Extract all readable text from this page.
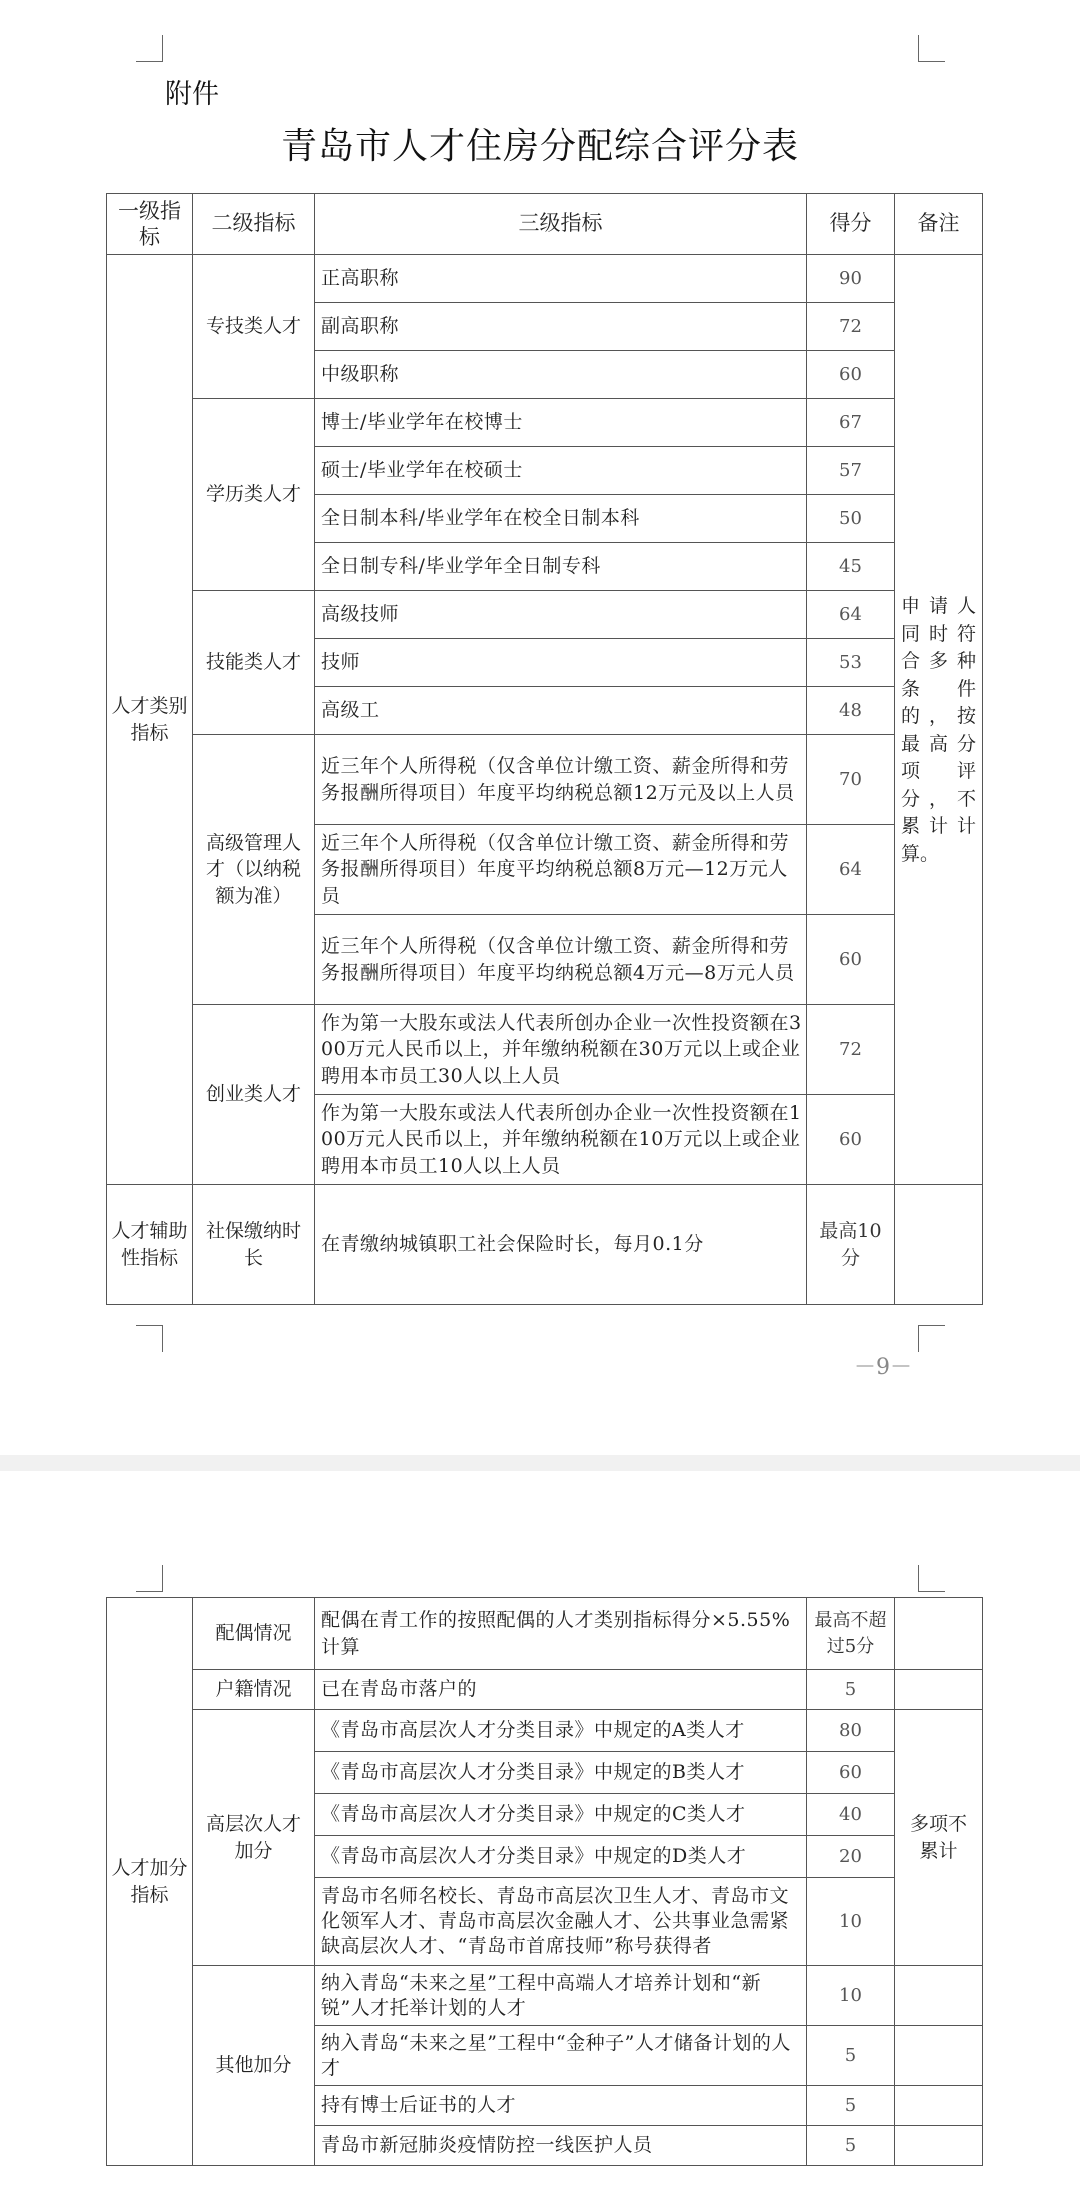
附件
青岛市人才住房分配综合评分表
一级指标	二级指标	三级指标	得分	备注
人才类别指标	专技类人才	正高职称	90	申请人同时符合多种条件的，按最高分项评分，不累计计算。
		副高职称	72	
		中级职称	60	
	学历类人才	博士/毕业学年在校博士	67	
		硕士/毕业学年在校硕士	57	
		全日制本科/毕业学年在校全日制本科	50	
		全日制专科/毕业学年全日制专科	45	
	技能类人才	高级技师	64	
		技师	53	
		高级工	48	
	高级管理人才（以纳税额为准）	近三年个人所得税（仅含单位计缴工资、薪金所得和劳务报酬所得项目）年度平均纳税总额12万元及以上人员	70	
		近三年个人所得税（仅含单位计缴工资、薪金所得和劳务报酬所得项目）年度平均纳税总额8万元—12万元人员	64	
		近三年个人所得税（仅含单位计缴工资、薪金所得和劳务报酬所得项目）年度平均纳税总额4万元—8万元人员	60	
	创业类人才	作为第一大股东或法人代表所创办企业一次性投资额在300万元人民币以上，并年缴纳税额在30万元以上或企业聘用本市员工30人以上人员	72	
		作为第一大股东或法人代表所创办企业一次性投资额在100万元人民币以上，并年缴纳税额在10万元以上或企业聘用本市员工10人以上人员	60	
人才辅助性指标	社保缴纳时长	在青缴纳城镇职工社会保险时长，每月0.1分	最高10分	
－9－
人才加分指标	配偶情况	配偶在青工作的按照配偶的人才类别指标得分×5.55%计算	最高不超过5分	
	户籍情况	已在青岛市落户的	5	
	高层次人才加分	《青岛市高层次人才分类目录》中规定的A类人才	80	多项不累计
		《青岛市高层次人才分类目录》中规定的B类人才	60	
		《青岛市高层次人才分类目录》中规定的C类人才	40	
		《青岛市高层次人才分类目录》中规定的D类人才	20	
		青岛市名师名校长、青岛市高层次卫生人才、青岛市文化领军人才、青岛市高层次金融人才、公共事业急需紧缺高层次人才、“青岛市首席技师”称号获得者	10	
	其他加分	纳入青岛“未来之星”工程中高端人才培养计划和“新锐”人才托举计划的人才	10	
		纳入青岛“未来之星”工程中“金种子”人才储备计划的人才	5	
		持有博士后证书的人才	5	
		青岛市新冠肺炎疫情防控一线医护人员	5	
